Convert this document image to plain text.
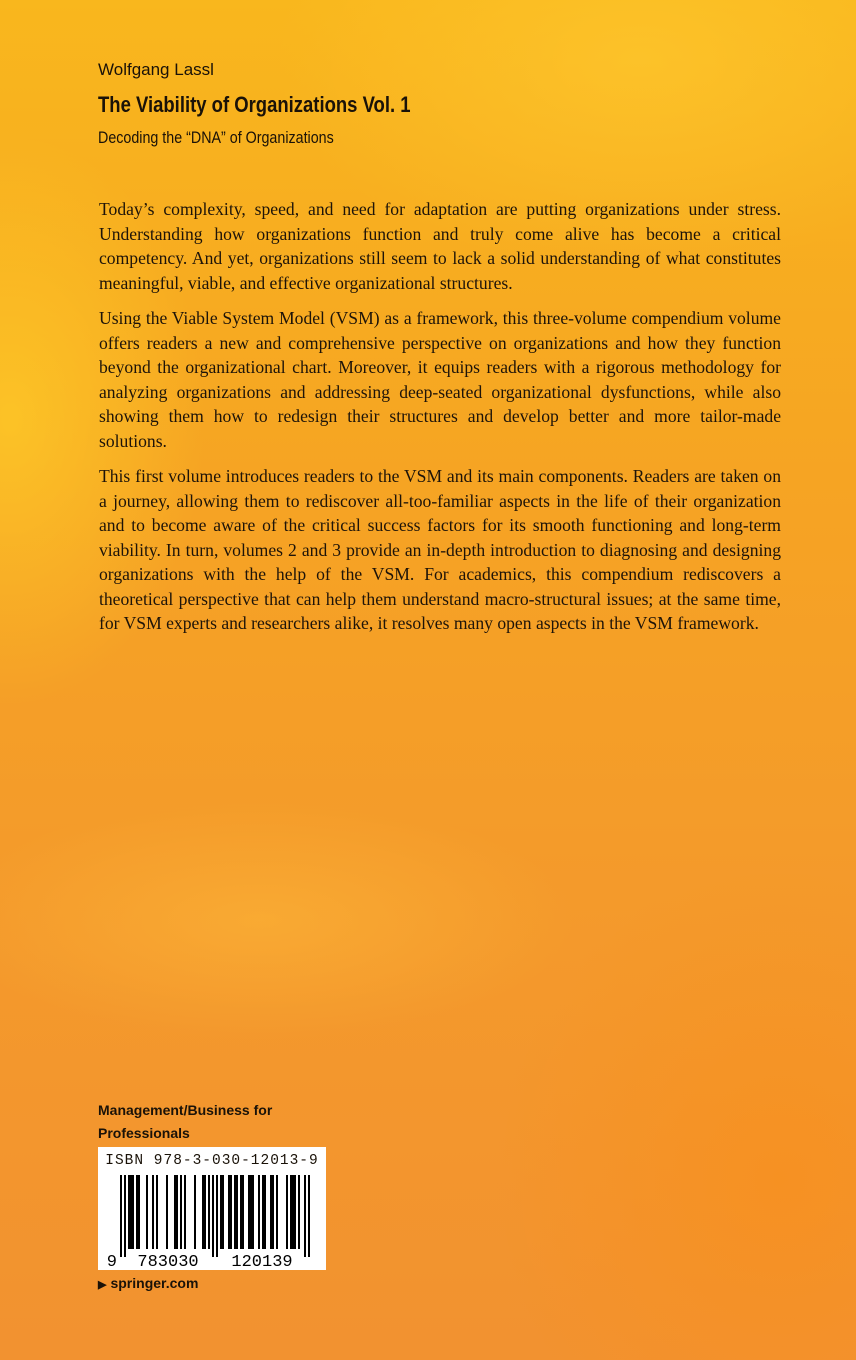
Wolfgang Lassl
The Viability of Organizations Vol. 1
Decoding the “DNA” of Organizations

Today’s complexity, speed, and need for adaptation are putting organizations under stress. Understanding how organizations function and truly come alive has become a critical competency. And yet, organizations still seem to lack a solid understanding of what constitutes meaningful, viable, and effective organizational structures.

Using the Viable System Model (VSM) as a framework, this three-volume compendium volume offers readers a new and comprehensive perspective on organizations and how they function beyond the organizational chart. Moreover, it equips readers with a rigorous methodology for analyzing organizations and addressing deep-seated organizational dysfunctions, while also showing them how to redesign their structures and develop better and more tailor-made solutions.

This first volume introduces readers to the VSM and its main components. Readers are taken on a journey, allowing them to rediscover all-too-familiar aspects in the life of their organization and to become aware of the critical success factors for its smooth functioning and long-term viability. In turn, volumes 2 and 3 provide an in-depth introduction to diagnosing and designing organizations with the help of the VSM. For academics, this compendium rediscovers a theoretical perspective that can help them understand macro-structural issues; at the same time, for VSM experts and researchers alike, it resolves many open aspects in the VSM framework.

Management/Business for Professionals
ISBN 978-3-030-12013-9
9 783030 120139
▶ springer.com
